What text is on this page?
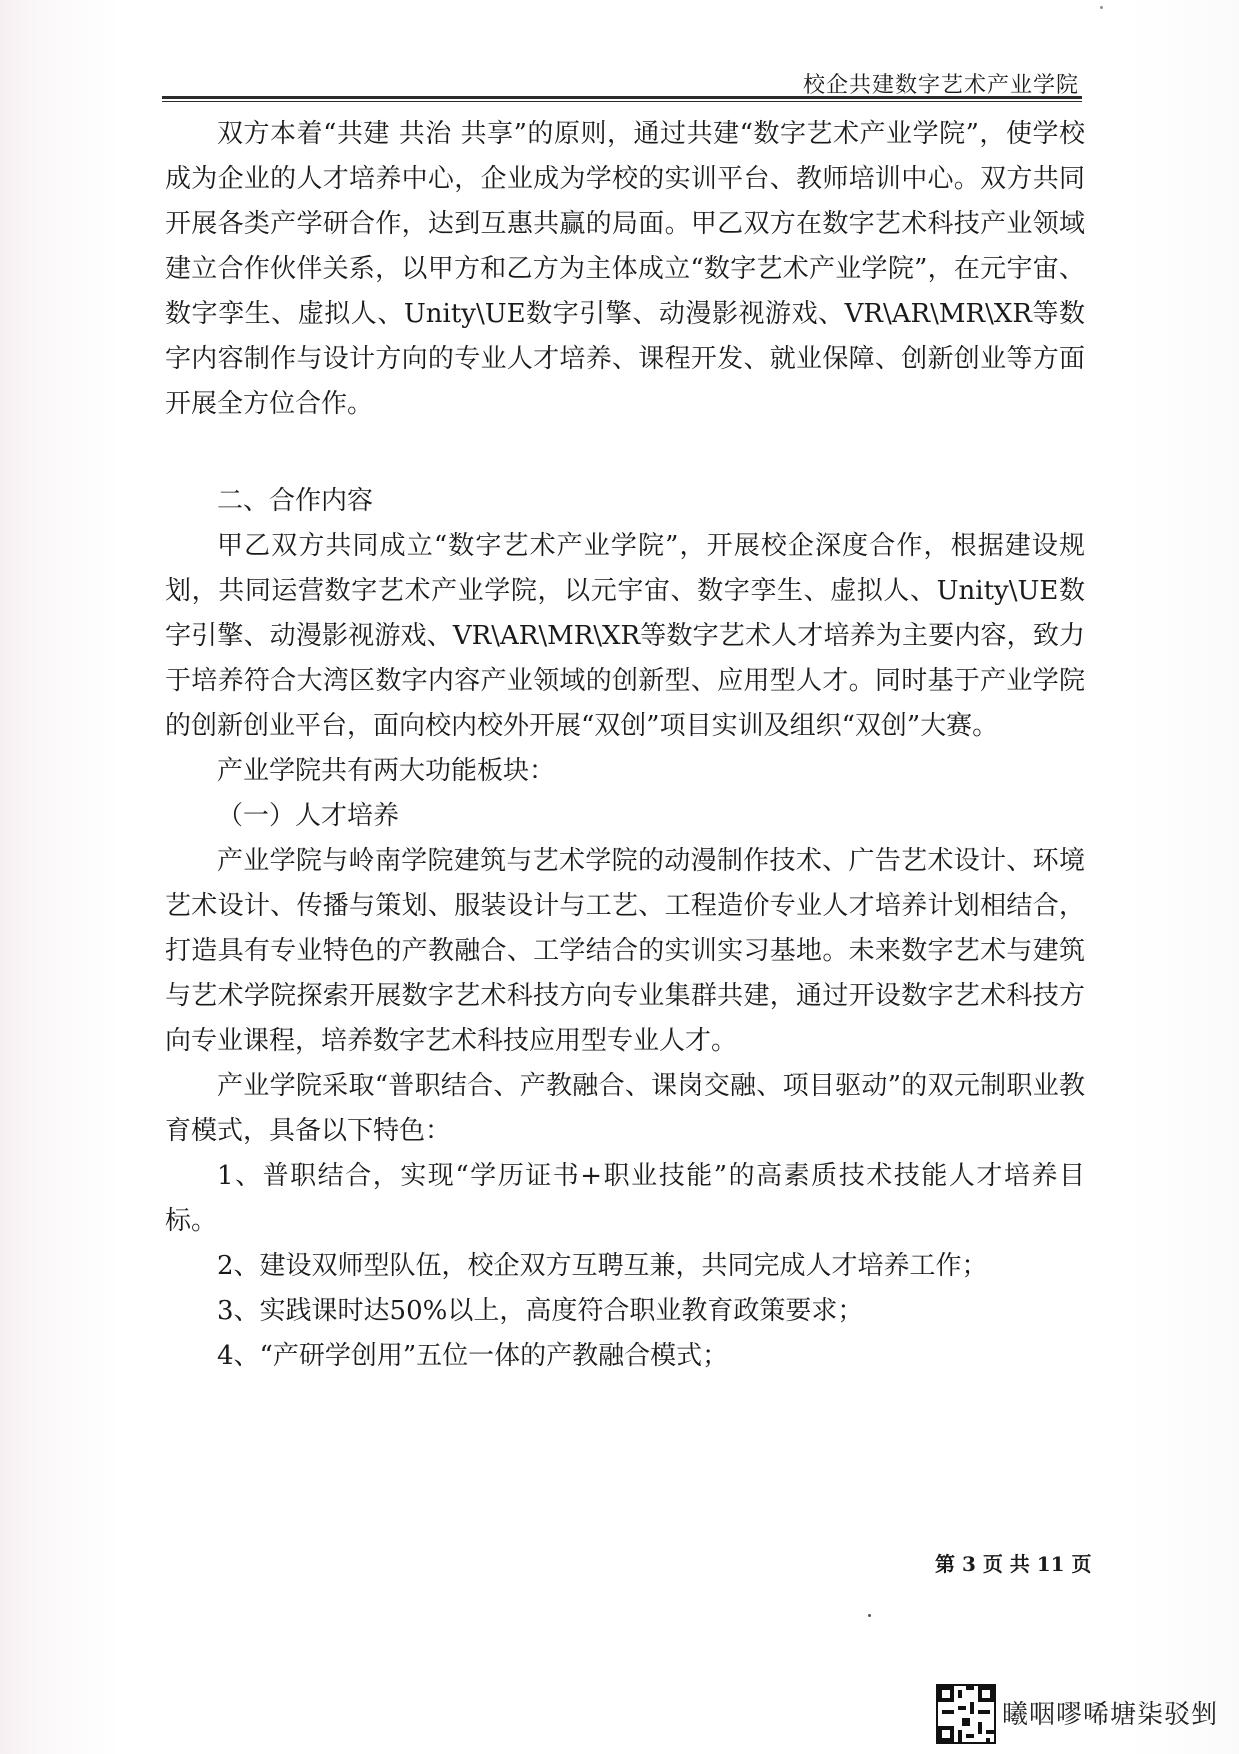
校企共建数字艺术产业学院

双方本着“共建 共治 共享”的原则，通过共建“数字艺术产业学院”，使学校成为企业的人才培养中心，企业成为学校的实训平台、教师培训中心。双方共同开展各类产学研合作，达到互惠共赢的局面。甲乙双方在数字艺术科技产业领域建立合作伙伴关系，以甲方和乙方为主体成立“数字艺术产业学院”，在元宇宙、数字孪生、虚拟人、Unity\UE数字引擎、动漫影视游戏、VR\AR\MR\XR等数字内容制作与设计方向的专业人才培养、课程开发、就业保障、创新创业等方面开展全方位合作。

二、合作内容

甲乙双方共同成立“数字艺术产业学院”，开展校企深度合作，根据建设规划，共同运营数字艺术产业学院，以元宇宙、数字孪生、虚拟人、Unity\UE数字引擎、动漫影视游戏、VR\AR\MR\XR等数字艺术人才培养为主要内容，致力于培养符合大湾区数字内容产业领域的创新型、应用型人才。同时基于产业学院的创新创业平台，面向校内校外开展“双创”项目实训及组织“双创”大赛。

产业学院共有两大功能板块：

（一）人才培养

产业学院与岭南学院建筑与艺术学院的动漫制作技术、广告艺术设计、环境艺术设计、传播与策划、服装设计与工艺、工程造价专业人才培养计划相结合，打造具有专业特色的产教融合、工学结合的实训实习基地。未来数字艺术与建筑与艺术学院探索开展数字艺术科技方向专业集群共建，通过开设数字艺术科技方向专业课程，培养数字艺术科技应用型专业人才。

产业学院采取“普职结合、产教融合、课岗交融、项目驱动”的双元制职业教育模式，具备以下特色：

1、普职结合，实现“学历证书+职业技能”的高素质技术技能人才培养目标。

2、建设双师型队伍，校企双方互聘互兼，共同完成人才培养工作；

3、实践课时达50%以上，高度符合职业教育政策要求；

4、“产研学创用”五位一体的产教融合模式；

第 3 页 共 11 页
曦咽嘐唏塘柒驳剉
